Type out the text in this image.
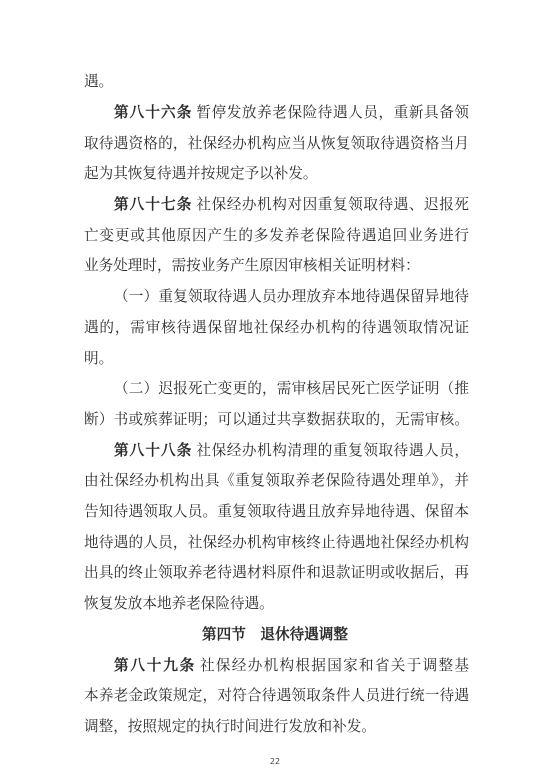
遇。
第八十六条 暂停发放养老保险待遇人员，重新具备领
取待遇资格的，社保经办机构应当从恢复领取待遇资格当月
起为其恢复待遇并按规定予以补发。
第八十七条 社保经办机构对因重复领取待遇、迟报死
亡变更或其他原因产生的多发养老保险待遇追回业务进行
业务处理时，需按业务产生原因审核相关证明材料：
（一）重复领取待遇人员办理放弃本地待遇保留异地待
遇的，需审核待遇保留地社保经办机构的待遇领取情况证
明。
（二）迟报死亡变更的，需审核居民死亡医学证明（推
断）书或殡葬证明；可以通过共享数据获取的，无需审核。
第八十八条 社保经办机构清理的重复领取待遇人员，
由社保经办机构出具《重复领取养老保险待遇处理单》，并
告知待遇领取人员。重复领取待遇且放弃异地待遇、保留本
地待遇的人员，社保经办机构审核终止待遇地社保经办机构
出具的终止领取养老待遇材料原件和退款证明或收据后，再
恢复发放本地养老保险待遇。
第四节　退休待遇调整
第八十九条 社保经办机构根据国家和省关于调整基
本养老金政策规定，对符合待遇领取条件人员进行统一待遇
调整，按照规定的执行时间进行发放和补发。
22
